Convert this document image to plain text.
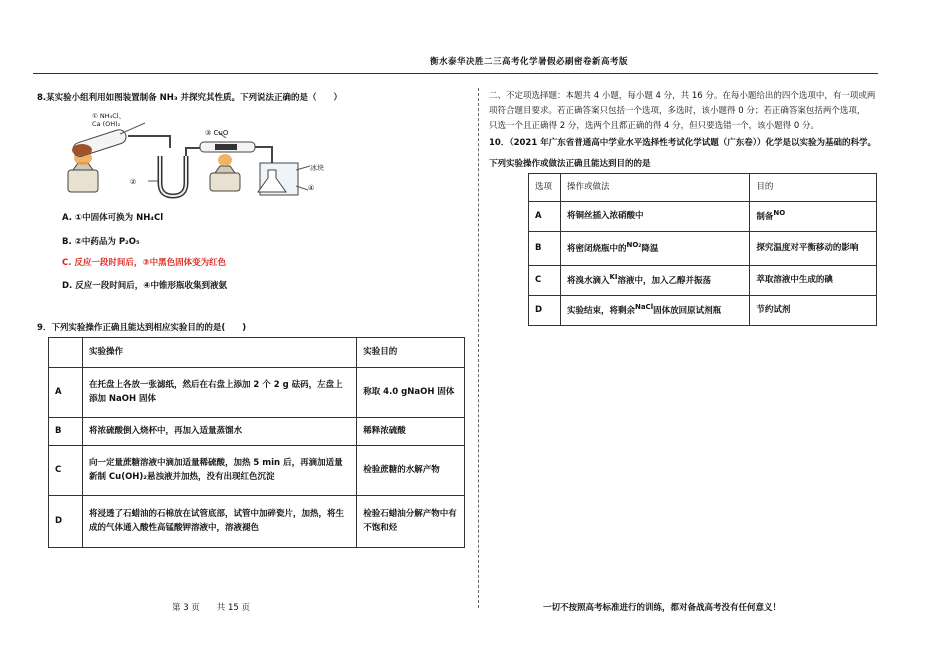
衡水泰华决胜二三高考化学暑假必刷密卷新高考版
8.某实验小组利用如图装置制备 NH₃ 并探究其性质。下列说法正确的是（　　）
① NH₄Cl、
Ca (OH)₂
②
③ CuO
冰块
④
A. ①中固体可换为 NH₄Cl
B. ②中药品为 P₂O₅
C. 反应一段时间后，③中黑色固体变为红色
D. 反应一段时间后，④中锥形瓶收集到液氨
9．下列实验操作正确且能达到相应实验目的的是(　　)
	实验操作	实验目的
A	在托盘上各放一张滤纸，然后在右盘上添加 2 个 2 g 砝码，左盘上添加 NaOH 固体	称取 4.0 gNaOH 固体
B	将浓硫酸倒入烧杯中，再加入适量蒸馏水	稀释浓硫酸
C	向一定量蔗糖溶液中滴加适量稀硫酸，加热 5 min 后，再滴加适量新制 Cu(OH)₂悬浊液并加热，没有出现红色沉淀	检验蔗糖的水解产物
D	将浸透了石蜡油的石棉放在试管底部，试管中加碎瓷片，加热，将生成的气体通入酸性高锰酸钾溶液中，溶液褪色	检验石蜡油分解产物中有不饱和烃
二、不定项选择题：本题共 4 小题，每小题 4 分，共 16 分。在每小题给出的四个选项中，有一项或两
项符合题目要求。若正确答案只包括一个选项，多选时，该小题得 0 分；若正确答案包括两个选项，
只选一个且正确得 2 分，选两个且都正确的得 4 分，但只要选错一个，该小题得 0 分。
10．（2021 年广东省普通高中学业水平选择性考试化学试题（广东卷））化学是以实验为基础的科学。
下列实验操作或做法正确且能达到目的的是
选项	操作或做法	目的
A	将铜丝插入浓硝酸中	制备$^{NO}$
B	将密闭烧瓶中的$^{NO_2}$降温	探究温度对平衡移动的影响
C	将溴水滴入$^{KI}$溶液中，加入乙醇并振荡	萃取溶液中生成的碘
D	实验结束，将剩余$^{NaCl}$固体放回原试剂瓶	节约试剂
第 3 页　　共 15 页	一切不按照高考标准进行的训练，都对备战高考没有任何意义！
